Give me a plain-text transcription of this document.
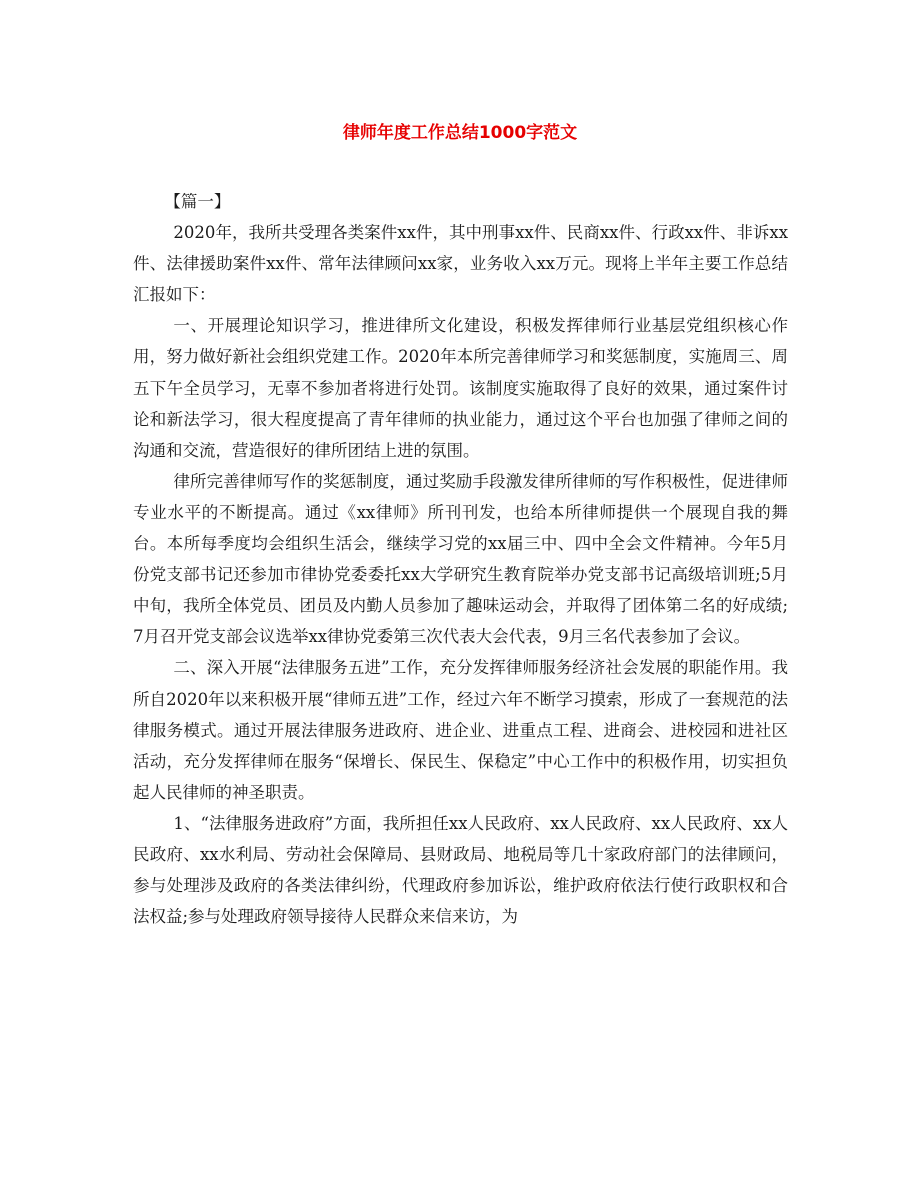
律师年度工作总结1000字范文

【篇一】

2020年，我所共受理各类案件xx件，其中刑事xx件、民商xx件、行政xx件、非诉xx件、法律援助案件xx件、常年法律顾问xx家，业务收入xx万元。现将上半年主要工作总结汇报如下：

一、开展理论知识学习，推进律所文化建设，积极发挥律师行业基层党组织核心作用，努力做好新社会组织党建工作。2020年本所完善律师学习和奖惩制度，实施周三、周五下午全员学习，无辜不参加者将进行处罚。该制度实施取得了良好的效果，通过案件讨论和新法学习，很大程度提高了青年律师的执业能力，通过这个平台也加强了律师之间的沟通和交流，营造很好的律所团结上进的氛围。

律所完善律师写作的奖惩制度，通过奖励手段激发律所律师的写作积极性，促进律师专业水平的不断提高。通过《xx律师》所刊刊发，也给本所律师提供一个展现自我的舞台。本所每季度均会组织生活会，继续学习党的xx届三中、四中全会文件精神。今年5月份党支部书记还参加市律协党委委托xx大学研究生教育院举办党支部书记高级培训班;5月中旬，我所全体党员、团员及内勤人员参加了趣味运动会，并取得了团体第二名的好成绩;7月召开党支部会议选举xx律协党委第三次代表大会代表，9月三名代表参加了会议。

二、深入开展“法律服务五进”工作，充分发挥律师服务经济社会发展的职能作用。我所自2020年以来积极开展“律师五进”工作，经过六年不断学习摸索，形成了一套规范的法律服务模式。通过开展法律服务进政府、进企业、进重点工程、进商会、进校园和进社区活动，充分发挥律师在服务“保增长、保民生、保稳定”中心工作中的积极作用，切实担负起人民律师的神圣职责。

1、“法律服务进政府”方面，我所担任xx人民政府、xx人民政府、xx人民政府、xx人民政府、xx水利局、劳动社会保障局、县财政局、地税局等几十家政府部门的法律顾问，参与处理涉及政府的各类法律纠纷，代理政府参加诉讼，维护政府依法行使行政职权和合法权益;参与处理政府领导接待人民群众来信来访，为
